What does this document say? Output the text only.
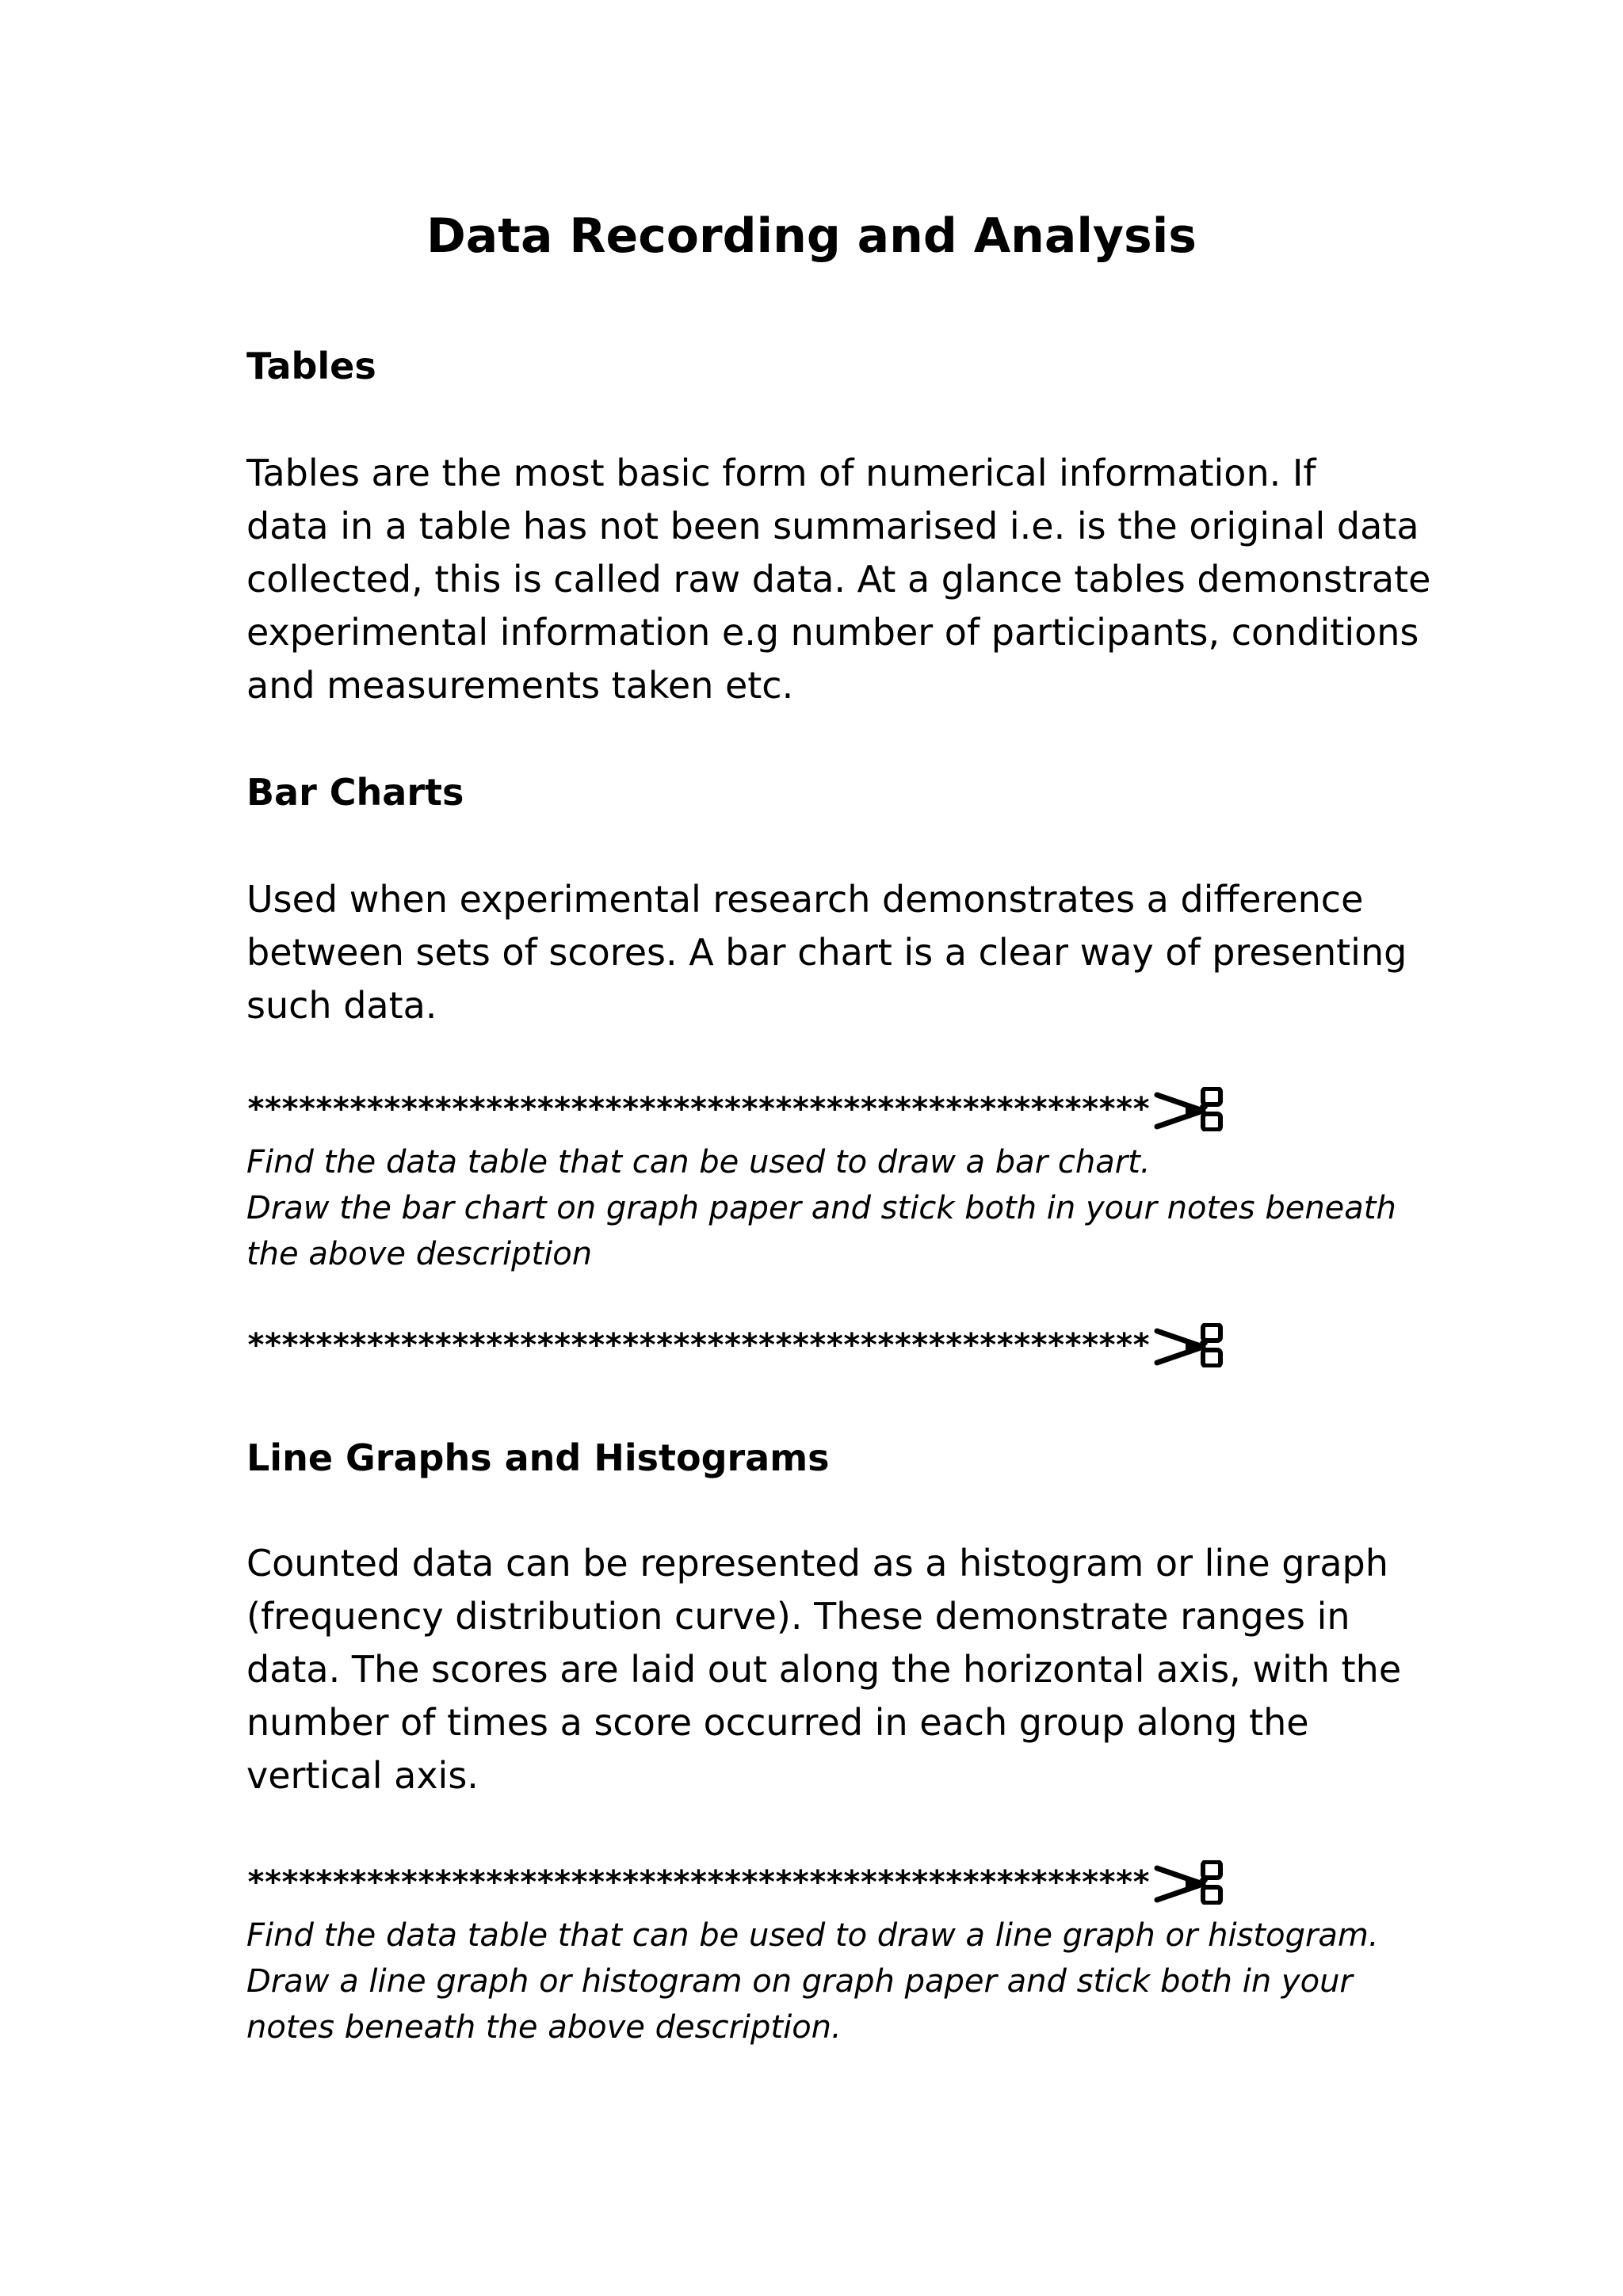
Data Recording and Analysis
Tables

Tables are the most basic form of numerical information. If
data in a table has not been summarised i.e. is the original data
collected, this is called raw data. At a glance tables demonstrate
experimental information e.g number of participants, conditions
and measurements taken etc.

Bar Charts

Used when experimental research demonstrates a difference
between sets of scores. A bar chart is a clear way of presenting
such data.

*****************************************************

Find the data table that can be used to draw a bar chart.
Draw the bar chart on graph paper and stick both in your notes beneath
the above description

*****************************************************
Line Graphs and Histograms

Counted data can be represented as a histogram or line graph
(frequency distribution curve). These demonstrate ranges in
data. The scores are laid out along the horizontal axis, with the
number of times a score occurred in each group along the
vertical axis.

*****************************************************

Find the data table that can be used to draw a line graph or histogram.
Draw a line graph or histogram on graph paper and stick both in your
notes beneath the above description.
